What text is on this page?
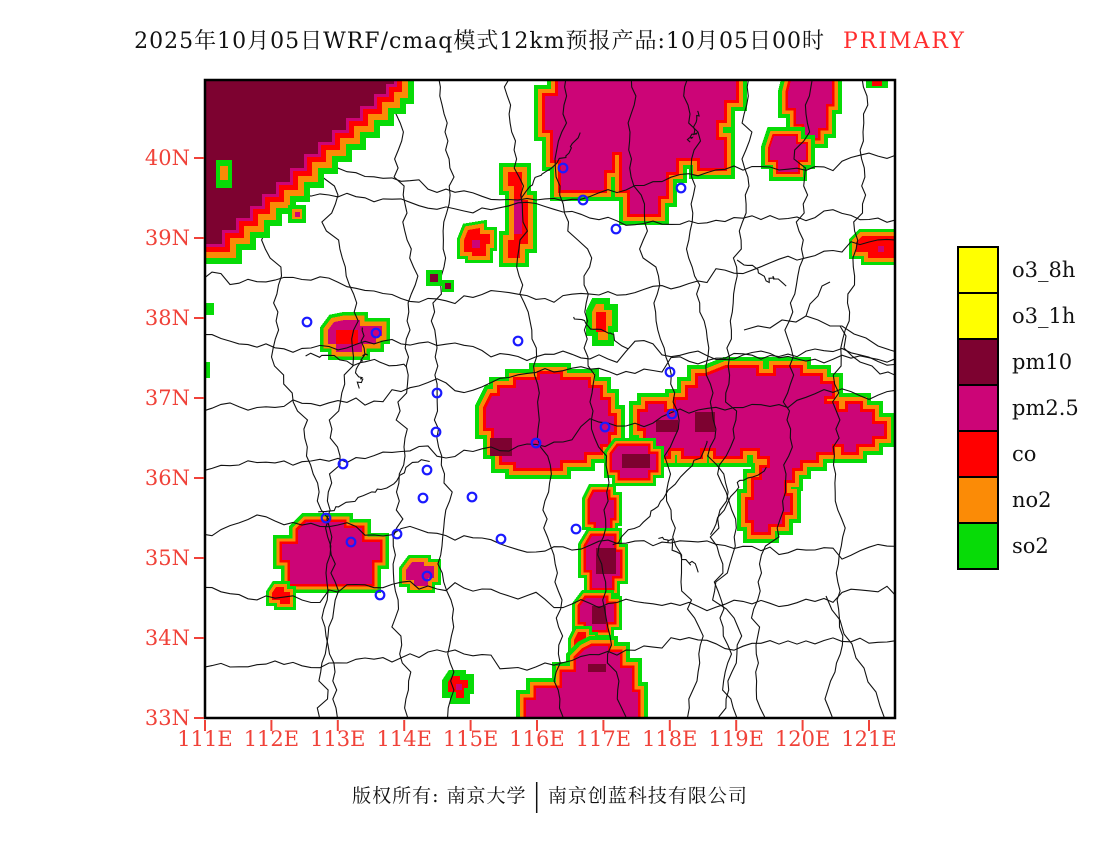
2025年10月05日WRF/cmaq模式12km预报产品:10月05日00时 PRIMARY
111E 112E 113E 114E 115E 116E 117E 118E 119E 120E 121E
40N
39N
38N
37N
36N
35N
34N
33N
o3_8h
o3_1h
pm10
pm2.5
co
no2
so2
版权所有: 南京大学 | 南京创蓝科技有限公司
